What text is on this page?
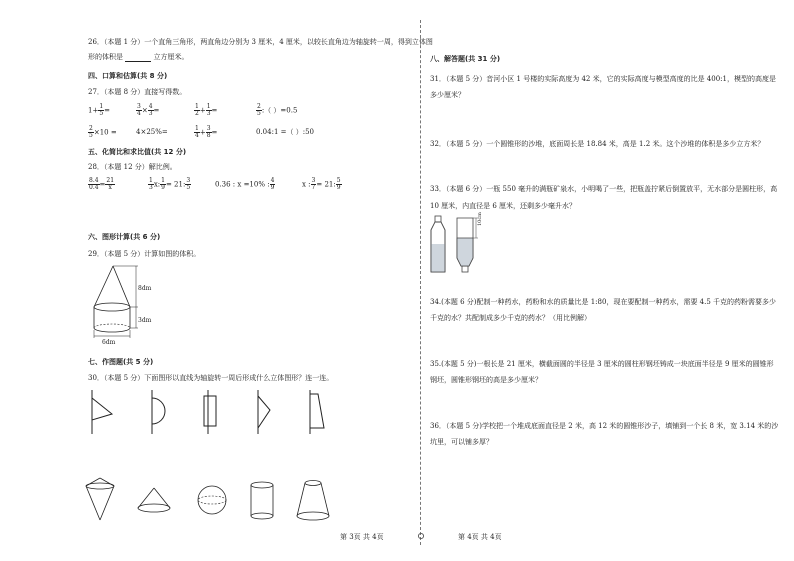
26．（本题 1 分）一个直角三角形，两直角边分别为 3 厘米，4 厘米，以较长直角边为轴旋转一周，得到立体图
形的体积是	立方厘米。
四、口算和估算(共 8 分)
27．（本题 8 分）直接写得数。
$1+ \frac{1}{5}$ =	$\frac{3}{4} \times \frac{4}{3}$ =	$\frac{1}{2} + \frac{1}{3}$ =	$\frac{2}{5}$ :（ ）=0.5
$\frac{2}{5} \times 10$ =	4×25%=	$\frac{1}{4} + \frac{3}{8}$ =	0.04:1 =（ ）:50
五、化简比和求比值(共 12 分)
28．（本题 12 分）解比例。
$\frac{8.4}{0.4} = \frac{21}{x}$	$\frac{1}{3} x$: $\frac{1}{9} = 21$: $\frac{3}{5}$	0.36 : x =10% : $\frac{4}{9}$	x : $\frac{3}{7} = 21$: $\frac{5}{9}$
六、图形计算(共 6 分)
29．（本题 5 分）计算如图的体积。
8dm
3dm
6dm
七、作图题(共 5 分)
30．（本题 5 分）下面图形以直线为轴旋转一周后形成什么立体图形？连一连。
八、解答题(共 31 分)
31．（本题 5 分）音河小区 1 号楼的实际高度为 42 米，它的实际高度与模型高度的比是 400:1，模型的高度是
多少厘米？
32．（本题 5 分）一个圆锥形的沙堆，底面周长是 18.84 米，高是 1.2 米。这个沙堆的体积是多少立方米？
33．（本题 6 分）一瓶 550 毫升的满瓶矿泉水，小明喝了一些，把瓶盖拧紧后倒置放平，无水部分是圆柱形，高
10 厘米，内直径是 6 厘米，还剩多少毫升水？
10cm
34.(本题 6 分)配制一种药水，药粉和水的质量比是 1:80，现在要配制一种药水，需要 4.5 千克的药粉需要多少
千克的水？共配制成多少千克的药水？（用比例解）
35.(本题 5 分)一根长是 21 厘米，横截面圆的半径是 3 厘米的圆柱形钢坯铸成一块底面半径是 9 厘米的圆锥形
钢坯，圆锥形钢坯的高是多少厘米？
36．（本题 5 分)学校把一个堆成底面直径是 2 米，高 12 米的圆锥形沙子，填铺到一个长 8 米，宽 3.14 米的沙
坑里，可以铺多厚？
第 3页 共 4页	第 4页 共 4页
